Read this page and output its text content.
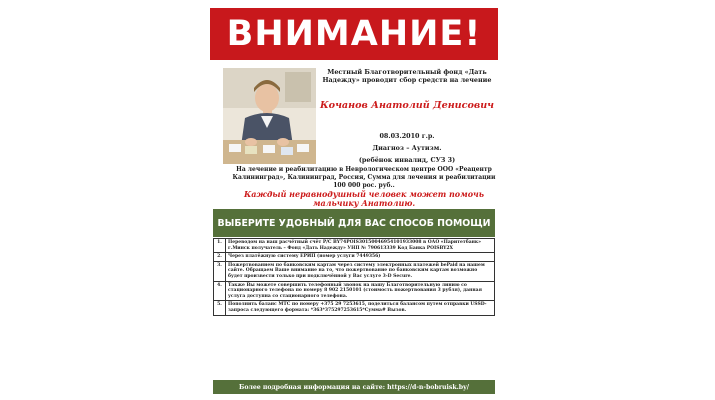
ВНИМАНИЕ!
Местный Благотворительный фонд «Дать Надежду» проводит сбор средств на лечение
Кочанов Анатолий Денисович
08.03.2010 г.р.
Диагноз – Аутизм.
(ребёнок инвалид, СУЗ 3)
На лечение и реабилитацию в Неврологическом центре ООО «Реацентр Калининград», Калининград, Россия, Сумма для лечения и реабилитации 100 000 рос. руб..
Каждый неравнодушный человек может помочь мальчику Анатолию.
ВЫБЕРИТЕ УДОБНЫЙ ДЛЯ ВАС СПОСОБ ПОМОЩИ
1.	Переводом на наш расчётный счёт Р/С BY74POIS30150046954101933008 в ОАО «Паритетбанк» г.Минск получатель – Фонд «Дать Надежду» УНП № 790613339 Код Банка POISBY2X
2.	Через платёжную систему ЕРИП (номер услуги 7449356)
3.	Пожертвованием по банковским картам через систему электронных платежей bePaid на нашем сайте. Обращаем Ваше внимание на то, что пожертвование по банковским картам возможно будет произвести только при подключённой у Вас услуге 3-D Secure.
4.	Также Вы можете совершить телефонный звонок на нашу Благотворительную линию со стационарного телефона по номеру 8 902 2150101 (стоимость пожертвования 3 рубля), данная услуга доступна со стационарного телефона.
5.	Пополнить баланс МТС по номеру +375 29 7253615, поделиться балансом путем отправки USSD-запроса следующего формата: *363*375297253615*Сумма# Вызов.
Более подробная информация на сайте: https://d-n-bobruisk.by/
